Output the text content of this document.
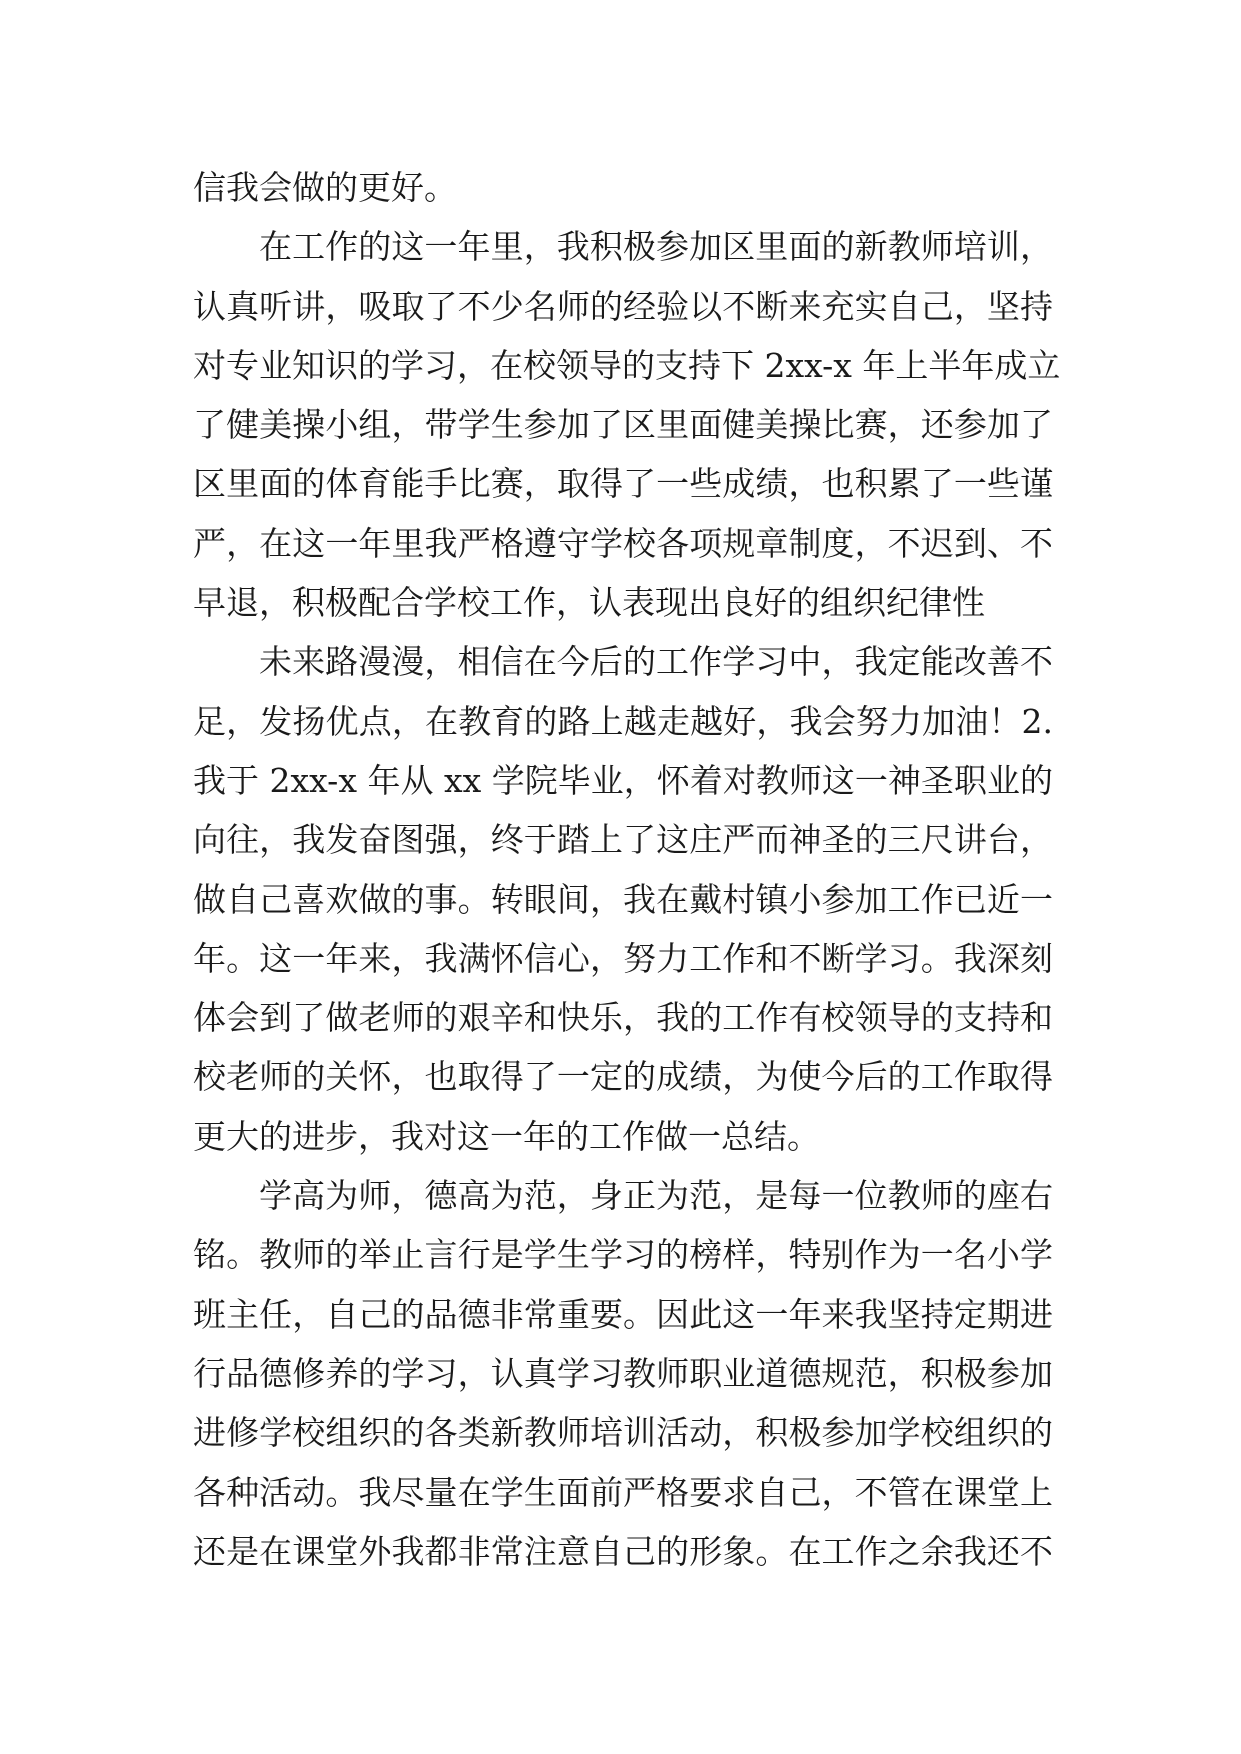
信我会做的更好。
在工作的这一年里，我积极参加区里面的新教师培训，
认真听讲，吸取了不少名师的经验以不断来充实自己，坚持
对专业知识的学习，在校领导的支持下 2xx-x 年上半年成立
了健美操小组，带学生参加了区里面健美操比赛，还参加了
区里面的体育能手比赛，取得了一些成绩，也积累了一些谨
严，在这一年里我严格遵守学校各项规章制度，不迟到、不
早退，积极配合学校工作，认表现出良好的组织纪律性
未来路漫漫，相信在今后的工作学习中，我定能改善不
足，发扬优点，在教育的路上越走越好，我会努力加油！2.
我于 2xx-x 年从 xx 学院毕业，怀着对教师这一神圣职业的
向往，我发奋图强，终于踏上了这庄严而神圣的三尺讲台，
做自己喜欢做的事。转眼间，我在戴村镇小参加工作已近一
年。这一年来，我满怀信心，努力工作和不断学习。我深刻
体会到了做老师的艰辛和快乐，我的工作有校领导的支持和
校老师的关怀，也取得了一定的成绩，为使今后的工作取得
更大的进步，我对这一年的工作做一总结。
学高为师，德高为范，身正为范，是每一位教师的座右
铭。教师的举止言行是学生学习的榜样，特别作为一名小学
班主任，自己的品德非常重要。因此这一年来我坚持定期进
行品德修养的学习，认真学习教师职业道德规范，积极参加
进修学校组织的各类新教师培训活动，积极参加学校组织的
各种活动。我尽量在学生面前严格要求自己，不管在课堂上
还是在课堂外我都非常注意自己的形象。在工作之余我还不
